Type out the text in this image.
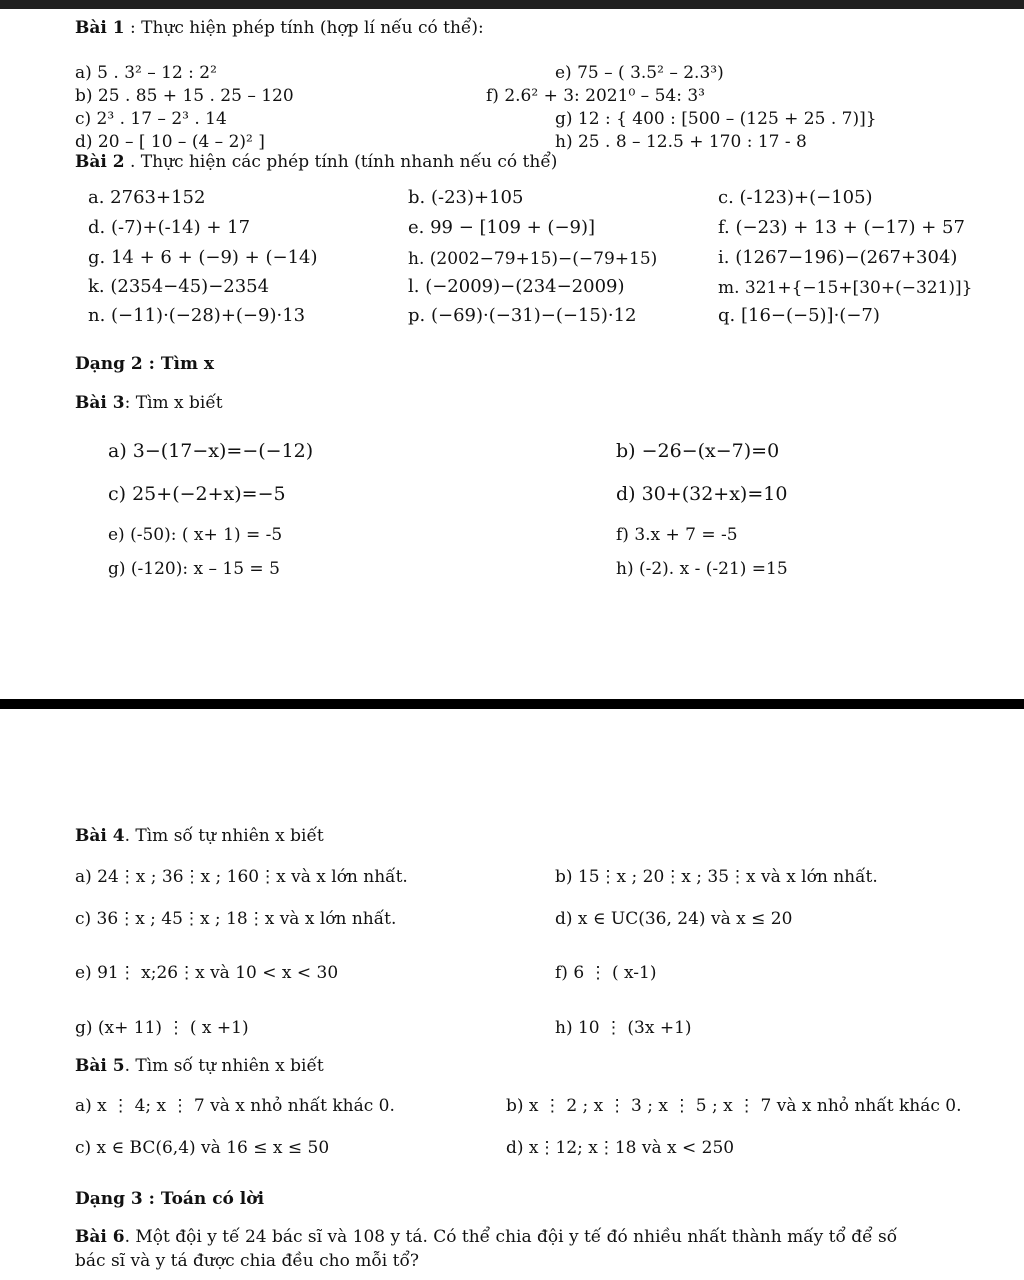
Bài 1 : Thực hiện phép tính (hợp lí nếu có thể):
a) 5 . 3² – 12 : 2²	e) 75 – ( 3.5² – 2.3³)
b) 25 . 85 + 15 . 25 – 120	f) 2.6² + 3: 2021⁰ – 54: 3³
c) 2³ . 17 – 2³ . 14	g) 12 : { 400 : [500 – (125 + 25 . 7)]}
d) 20 – [ 10 – (4 – 2)² ]	h) 25 . 8 – 12.5 + 170 : 17 - 8
Bài 2 . Thực hiện các phép tính (tính nhanh nếu có thể)
a. 2763+152	b. (-23)+105	c. (-123)+(−105)
d. (-7)+(-14) + 17	e. 99 − [109 + (−9)]	f. (−23) + 13 + (−17) + 57
g. 14 + 6 + (−9) + (−14)	h. (2002−79+15)−(−79+15)	i. (1267−196)−(267+304)
k. (2354−45)−2354	l. (−2009)−(234−2009)	m. 321+{−15+[30+(−321)]}
n. (−11)·(−28)+(−9)·13	p. (−69)·(−31)−(−15)·12	q. [16−(−5)]·(−7)
Dạng 2 : Tìm x
Bài 3: Tìm x biết
a) 3−(17−x)=−(−12)	b) −26−(x−7)=0
c) 25+(−2+x)=−5	d) 30+(32+x)=10
e) (-50): ( x+ 1) = -5	f) 3.x + 7 = -5
g) (-120): x – 15 = 5	h) (-2). x - (-21) =15
Bài 4. Tìm số tự nhiên x biết
a) 24⋮x ; 36⋮x ; 160⋮x và x lớn nhất.	b) 15⋮x ; 20⋮x ; 35⋮x và x lớn nhất.
c) 36⋮x ; 45⋮x ; 18⋮x và x lớn nhất.	d) x ∈ UC(36, 24) và x ≤ 20
e) 91⋮ x;26⋮x và 10 < x < 30	f) 6 ⋮ ( x-1)
g) (x+ 11) ⋮ ( x +1)	h) 10 ⋮ (3x +1)
Bài 5. Tìm số tự nhiên x biết
a) x ⋮ 4; x ⋮ 7 và x nhỏ nhất khác 0.	b) x ⋮ 2 ; x ⋮ 3 ; x ⋮ 5 ; x ⋮ 7 và x nhỏ nhất khác 0.
c) x ∈ BC(6,4) và 16 ≤ x ≤ 50	d) x⋮12; x⋮18 và x < 250
Dạng 3 : Toán có lời
Bài 6. Một đội y tế 24 bác sĩ và 108 y tá. Có thể chia đội y tế đó nhiều nhất thành mấy tổ để số
bác sĩ và y tá được chia đều cho mỗi tổ?
